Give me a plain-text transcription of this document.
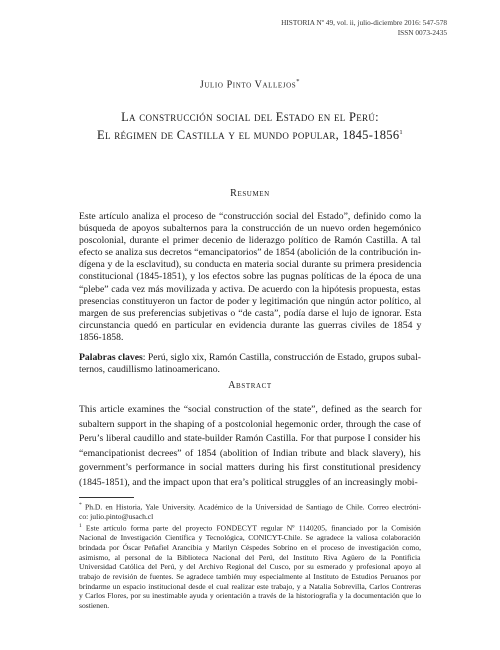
HISTORIA Nº 49, vol. ii, julio-diciembre 2016: 547-578
ISSN 0073-2435
Julio Pinto Vallejos*
La construcción social del Estado en el Perú:
El régimen de Castilla y el mundo popular, 1845-1856$^1$
Resumen
Este artículo analiza el proceso de “construcción social del Estado”, definido como la
búsqueda de apoyos subalternos para la construcción de un nuevo orden hegemónico
poscolonial, durante el primer decenio de liderazgo político de Ramón Castilla. A tal
efecto se analiza sus decretos “emancipatorios” de 1854 (abolición de la contribución in-
dígena y de la esclavitud), su conducta en materia social durante su primera presidencia
constitucional (1845-1851), y los efectos sobre las pugnas políticas de la época de una
“plebe” cada vez más movilizada y activa. De acuerdo con la hipótesis propuesta, estas
presencias constituyeron un factor de poder y legitimación que ningún actor político, al
margen de sus preferencias subjetivas o “de casta”, podía darse el lujo de ignorar. Esta
circunstancia quedó en particular en evidencia durante las guerras civiles de 1854 y
1856-1858.
Palabras claves: Perú, siglo xix, Ramón Castilla, construcción de Estado, grupos subal-
ternos, caudillismo latinoamericano.
Abstract
This article examines the “social construction of the state”, defined as the search for
subaltern support in the shaping of a postcolonial hegemonic order, through the case of
Peru’s liberal caudillo and state-builder Ramón Castilla. For that purpose I consider his
“emancipationist decrees” of 1854 (abolition of Indian tribute and black slavery), his
government’s performance in social matters during his first constitutional presidency
(1845-1851), and the impact upon that era’s political struggles of an increasingly mobi-
* Ph.D. en Historia, Yale University. Académico de la Universidad de Santiago de Chile. Correo electróni-
co: julio.pinto@usach.cl
$^1$ Este artículo forma parte del proyecto FONDECYT regular Nº 1140205, financiado por la Comisión
Nacional de Investigación Científica y Tecnológica, CONICYT-Chile. Se agradece la valiosa colaboración
brindada por Óscar Peñafiel Arancibia y Marilyn Céspedes Sobrino en el proceso de investigación como,
asimismo, al personal de la Biblioteca Nacional del Perú, del Instituto Riva Agüero de la Pontificia
Universidad Católica del Perú, y del Archivo Regional del Cusco, por su esmerado y profesional apoyo al
trabajo de revisión de fuentes. Se agradece también muy especialmente al Instituto de Estudios Peruanos por
brindarme un espacio institucional desde el cual realizar este trabajo, y a Natalia Sobrevilla, Carlos Contreras
y Carlos Flores, por su inestimable ayuda y orientación a través de la historiografía y la documentación que lo
sostienen.
